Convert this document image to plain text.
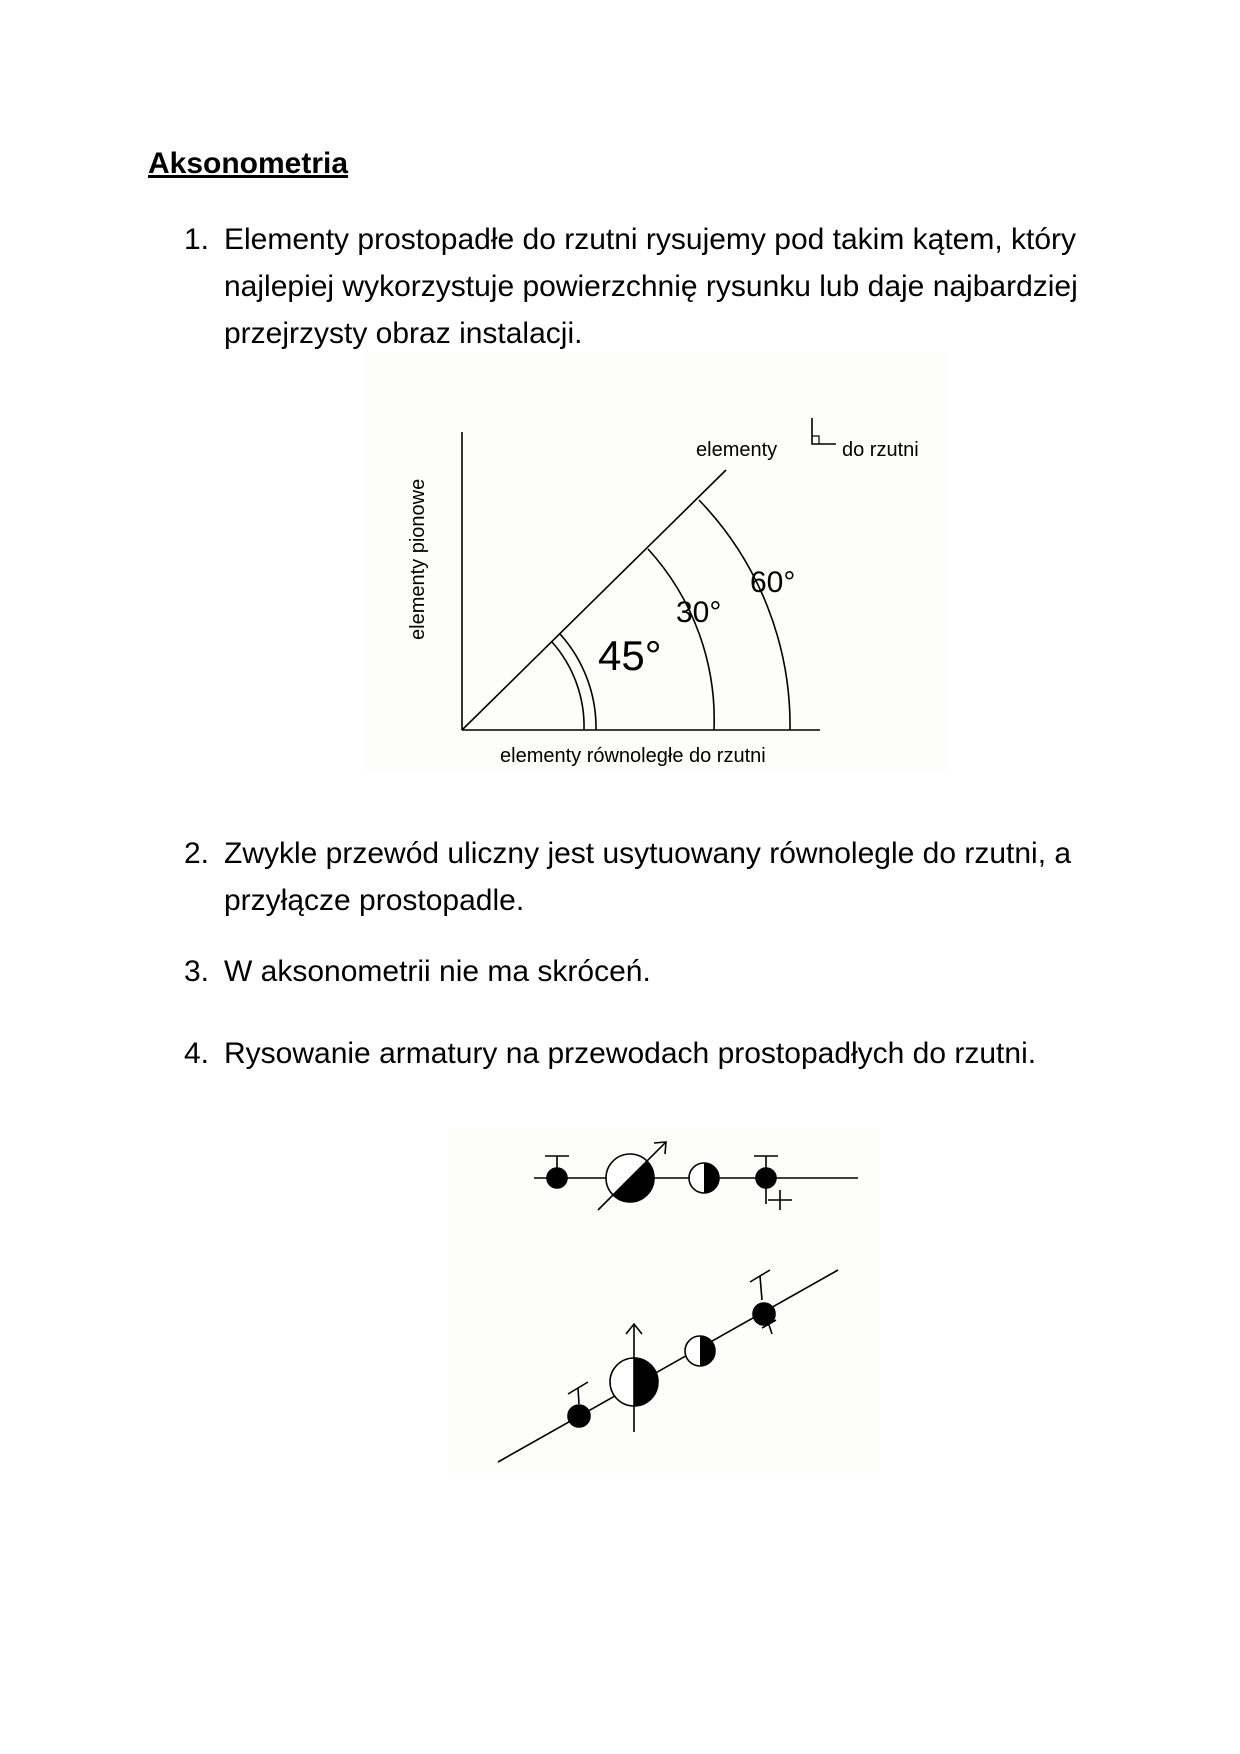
Aksonometria
1. Elementy prostopadłe do rzutni rysujemy pod takim kątem, który najlepiej wykorzystuje powierzchnię rysunku lub daje najbardziej przejrzysty obraz instalacji.
elementy pionowe
elementy równoległe do rzutni
elementy	do rzutni
45°
30°
60°
2. Zwykle przewód uliczny jest usytuowany równolegle do rzutni, a przyłącze prostopadle.
3. W aksonometrii nie ma skróceń.
4. Rysowanie armatury na przewodach prostopadłych do rzutni.
